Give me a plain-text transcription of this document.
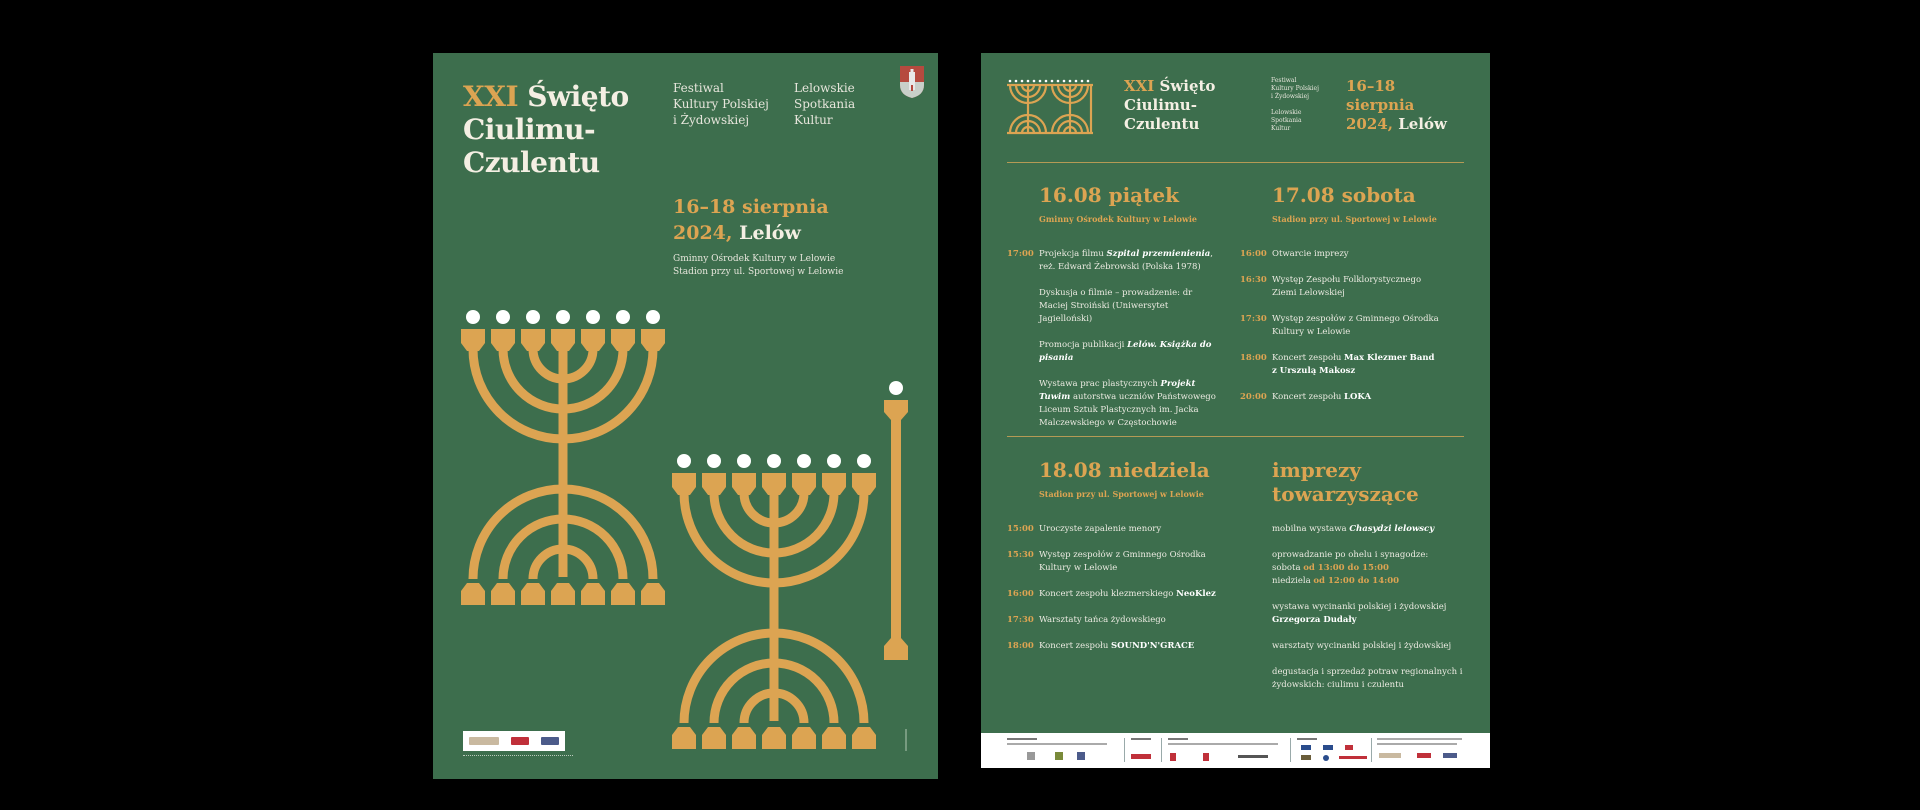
XXI Święto
Ciulimu-
Czulentu
Festiwal
Kultury Polskiej
i Żydowskiej
Lelowskie
Spotkania
Kultur
16–18 sierpnia
2024, Lelów
Gminny Ośrodek Kultury w Lelowie
Stadion przy ul. Sportowej w Lelowie
XXI Święto
Ciulimu-
Czulentu
Festiwal
Kultury Polskiej
i Żydowskiej
Lelowskie
Spotkania
Kultur
16–18
sierpnia
2024, Lelów
16.08 piątek
Gminny Ośrodek Kultury w Lelowie
17:00 Projekcja filmu Szpital przemienienia, reż. Edward Żebrowski (Polska 1978)
Dyskusja o filmie – prowadzenie: dr Maciej Stroiński (Uniwersytet Jagielloński)
Promocja publikacji Lelów. Książka do pisania
Wystawa prac plastycznych Projekt Tuwim autorstwa uczniów Państwowego Liceum Sztuk Plastycznych im. Jacka Malczewskiego w Częstochowie
17.08 sobota
Stadion przy ul. Sportowej w Lelowie
16:00 Otwarcie imprezy
16:30 Występ Zespołu Folklorystycznego Ziemi Lelowskiej
17:30 Występ zespołów z Gminnego Ośrodka Kultury w Lelowie
18:00 Koncert zespołu Max Klezmer Band z Urszulą Makosz
20:00 Koncert zespołu LOKA
18.08 niedziela
Stadion przy ul. Sportowej w Lelowie
15:00 Uroczyste zapalenie menory
15:30 Występ zespołów z Gminnego Ośrodka Kultury w Lelowie
16:00 Koncert zespołu klezmerskiego NeoKlez
17:30 Warsztaty tańca żydowskiego
18:00 Koncert zespołu SOUND'N'GRACE
imprezy
towarzyszące
mobilna wystawa Chasydzi lelowscy
oprowadzanie po ohelu i synagodze:
sobota od 13:00 do 15:00
niedziela od 12:00 do 14:00
wystawa wycinanki polskiej i żydowskiej
Grzegorza Dudały
warsztaty wycinanki polskiej i żydowskiej
degustacja i sprzedaż potraw regionalnych i żydowskich: ciulimu i czulentu
